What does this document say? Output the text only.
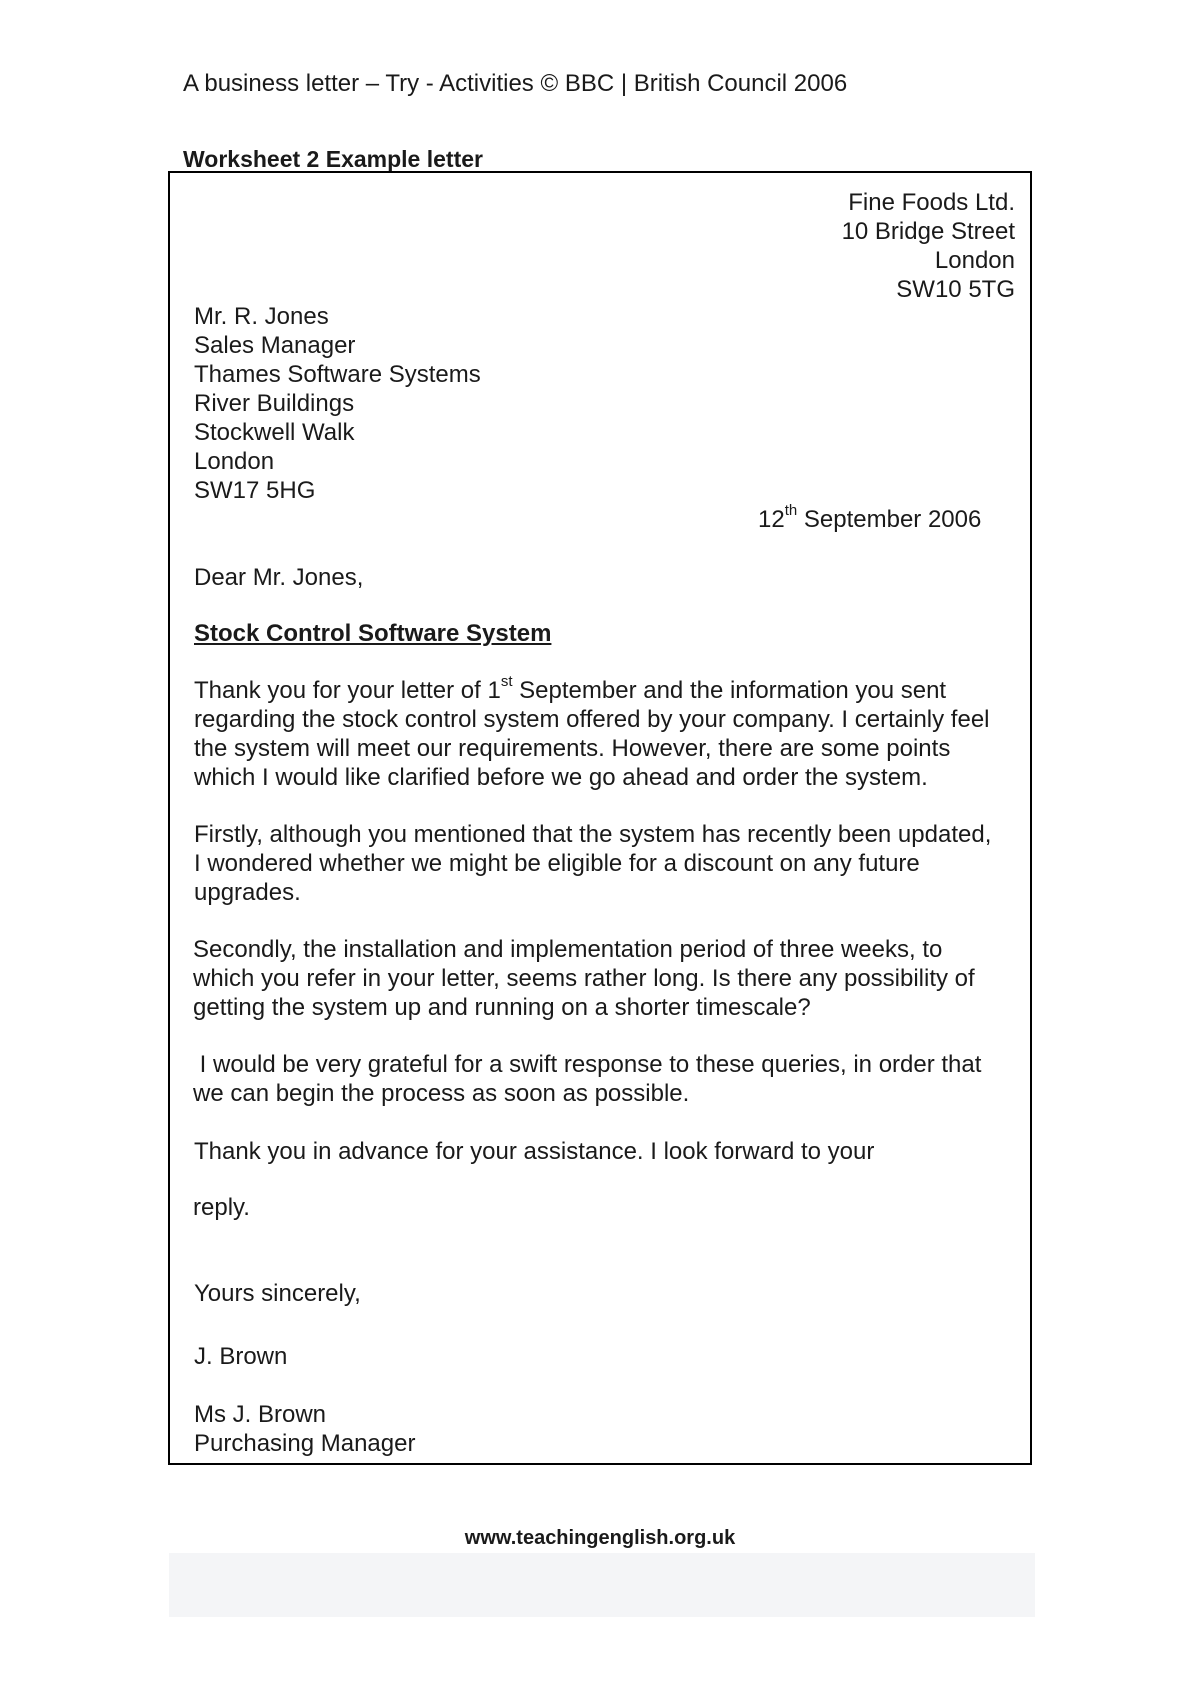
A business letter – Try - Activities © BBC | British Council 2006
Worksheet 2 Example letter
Fine Foods Ltd.
10 Bridge Street
London
SW10 5TG
Mr. R. Jones
Sales Manager
Thames Software Systems
River Buildings
Stockwell Walk
London
SW17 5HG
12th September 2006
Dear Mr. Jones,
Stock Control Software System
Thank you for your letter of 1st September and the information you sent
regarding the stock control system offered by your company. I certainly feel
the system will meet our requirements. However, there are some points
which I would like clarified before we go ahead and order the system.
Firstly, although you mentioned that the system has recently been updated,
I wondered whether we might be eligible for a discount on any future
upgrades.
Secondly, the installation and implementation period of three weeks, to
which you refer in your letter, seems rather long. Is there any possibility of
getting the system up and running on a shorter timescale?
I would be very grateful for a swift response to these queries, in order that
we can begin the process as soon as possible.
Thank you in advance for your assistance. I look forward to your
reply.
Yours sincerely,
J. Brown
Ms J. Brown
Purchasing Manager
www.teachingenglish.org.uk
